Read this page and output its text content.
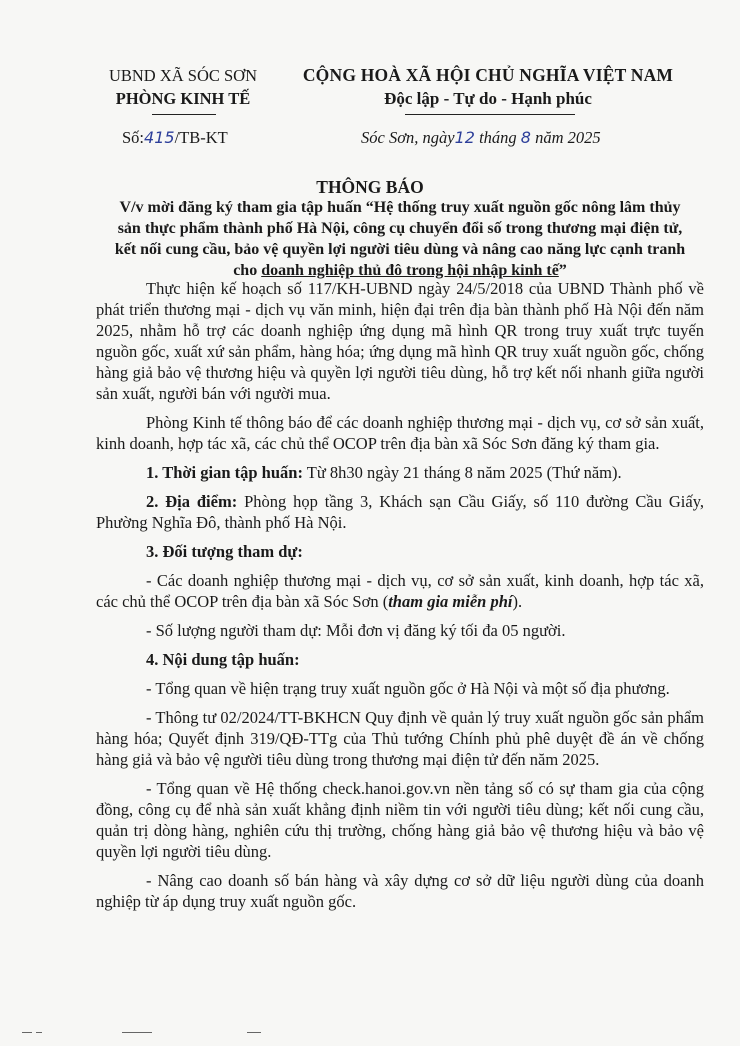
UBND XÃ SÓC SƠN
PHÒNG KINH TẾ
CỘNG HOÀ XÃ HỘI CHỦ NGHĨA VIỆT NAM
Độc lập - Tự do - Hạnh phúc
Số:415/TB-KT	Sóc Sơn, ngày12 tháng 8 năm 2025
THÔNG BÁO
V/v mời đăng ký tham gia tập huấn “Hệ thống truy xuất nguồn gốc nông lâm thủy sản thực phẩm thành phố Hà Nội, công cụ chuyển đổi số trong thương mại điện tử, kết nối cung cầu, bảo vệ quyền lợi người tiêu dùng và nâng cao năng lực cạnh tranh cho doanh nghiệp thủ đô trong hội nhập kinh tế”

Thực hiện kế hoạch số 117/KH-UBND ngày 24/5/2018 của UBND Thành phố về phát triển thương mại - dịch vụ văn minh, hiện đại trên địa bàn thành phố Hà Nội đến năm 2025, nhằm hỗ trợ các doanh nghiệp ứng dụng mã hình QR trong truy xuất trực tuyến nguồn gốc, xuất xứ sản phẩm, hàng hóa; ứng dụng mã hình QR truy xuất nguồn gốc, chống hàng giả bảo vệ thương hiệu và quyền lợi người tiêu dùng, hỗ trợ kết nối nhanh giữa người sản xuất, người bán với người mua.

Phòng Kinh tế thông báo để các doanh nghiệp thương mại - dịch vụ, cơ sở sản xuất, kinh doanh, hợp tác xã, các chủ thể OCOP trên địa bàn xã Sóc Sơn đăng ký tham gia.

1. Thời gian tập huấn: Từ 8h30 ngày 21 tháng 8 năm 2025 (Thứ năm).

2. Địa điểm: Phòng họp tầng 3, Khách sạn Cầu Giấy, số 110 đường Cầu Giấy, Phường Nghĩa Đô, thành phố Hà Nội.

3. Đối tượng tham dự:

- Các doanh nghiệp thương mại - dịch vụ, cơ sở sản xuất, kinh doanh, hợp tác xã, các chủ thể OCOP trên địa bàn xã Sóc Sơn (tham gia miễn phí).

- Số lượng người tham dự: Mỗi đơn vị đăng ký tối đa 05 người.

4. Nội dung tập huấn:

- Tổng quan về hiện trạng truy xuất nguồn gốc ở Hà Nội và một số địa phương.

- Thông tư 02/2024/TT-BKHCN Quy định về quản lý truy xuất nguồn gốc sản phẩm hàng hóa; Quyết định 319/QĐ-TTg của Thủ tướng Chính phủ phê duyệt đề án về chống hàng giả và bảo vệ người tiêu dùng trong thương mại điện tử đến năm 2025.

- Tổng quan về Hệ thống check.hanoi.gov.vn nền tảng số có sự tham gia của cộng đồng, công cụ để nhà sản xuất khẳng định niềm tin với người tiêu dùng; kết nối cung cầu, quản trị dòng hàng, nghiên cứu thị trường, chống hàng giả bảo vệ thương hiệu và bảo vệ quyền lợi người tiêu dùng.

- Nâng cao doanh số bán hàng và xây dựng cơ sở dữ liệu người dùng của doanh nghiệp từ áp dụng truy xuất nguồn gốc.
